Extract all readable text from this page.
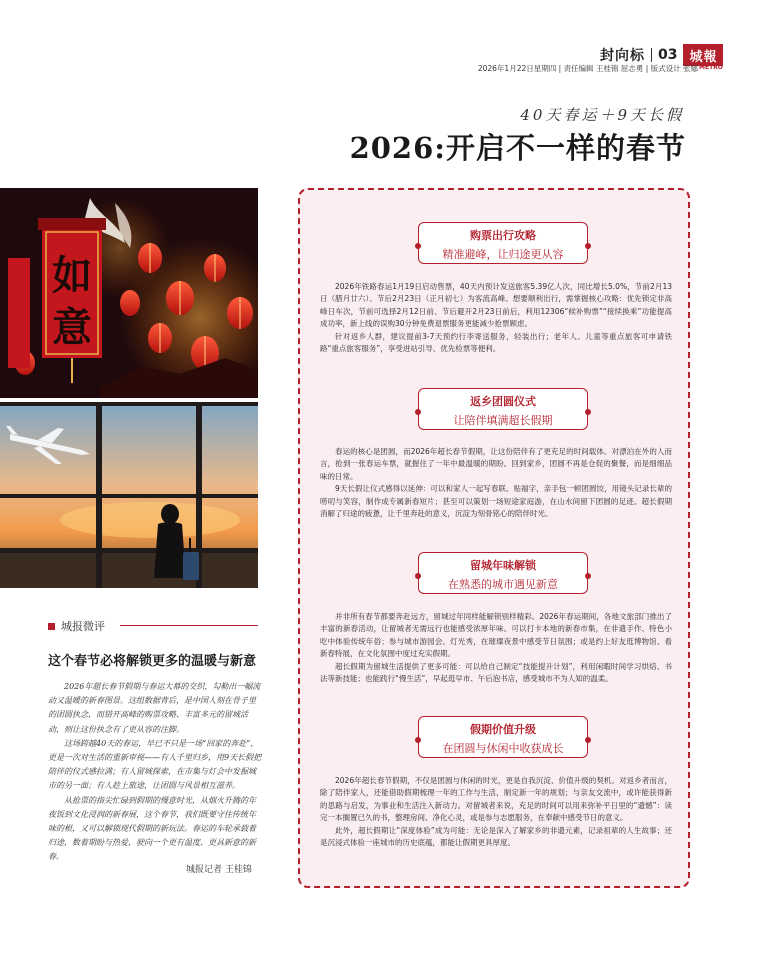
封向标 03 城報
METRO
2026年1月22日星期四 | 责任编辑 王桂锦 屈志勇 | 版式设计 张娜
40天春运＋9天长假
2026:开启不一样的春节
如意
城报微评
这个春节必将解锁更多的温暖与新意

2026年超长春节假期与春运大幕的交织，勾勒出一幅流动又温暖的新春图景。这组数据背后，是中国人刻在骨子里的团圆执念，而错开高峰的购票攻略、丰富多元的留城活动，则让这份执念有了更从容的注脚。

这场跨越40天的春运，早已不只是一场“回家的奔赴”，更是一次对生活的重新审视——有人千里归乡，用9天长假把陪伴的仪式感拉满；有人留城探索，在市集与灯会中发掘城市的另一面；有人趁上旅途，让团圆与风景相互滋养。

从抢票的指尖忙碌到假期的慢意时光，从烟火升腾的年夜饭到文化浸润的新春展，这个春节，我们既要守住传统年味的根，又可以解锁现代假期的新玩法。春运的车轮承载着归途，数着期盼与热爱，驶向一个更有温度、更具新意的新春。

城报记者 王桂锦
购票出行攻略
精准避峰，让归途更从容

2026年铁路春运1月19日启动售票，40天内预计发送旅客5.39亿人次，同比增长5.0%，节前2月13日（腊月廿六）、节后2月23日（正月初七）为客流高峰。想要顺利出行，需掌握核心攻略：优先锁定非高峰日车次，节前可选择2月12日前、节后避开2月23日前后，利用12306“候补购票”“接续换乘”功能提高成功率，新上线的误购30分钟免费退票服务更能减少抢票顾虑。

针对返乡人群，建议提前3-7天预约行李寄送服务，轻装出行；老年人、儿童等重点旅客可申请铁路“重点旅客服务”，享受进站引导、优先检票等便利。

返乡团圆仪式
让陪伴填满超长假期

春运的核心是团圆，而2026年超长春节假期，让这份陪伴有了更充足的时间载体。对漂泊在外的人而言，抢到一张春运车票，就握住了一年中最温暖的期盼。回到家乡，团圆不再是仓促的聚餐，而是细细品味的日常。

9天长假让仪式感得以延伸：可以和家人一起写春联、贴福字，亲手包一顿团圆饺，用镜头记录长辈的唠叨与笑容，制作成专属新春短片；甚至可以策划一场短途家庭游，在山水间留下团圆的足迹。超长假期消解了归途的疲惫，让千里奔赴的意义，沉淀为刻骨铭心的陪伴时光。

留城年味解锁
在熟悉的城市遇见新意

并非所有春节都要奔赴远方，留城过年同样能解锁别样精彩。2026年春运期间，各地文旅部门推出了丰富的新春活动，让留城者无需远行也能感受浓厚年味。可以打卡本地的新春市集，在非遗手作、特色小吃中体验传统年俗；参与城市游园会、灯光秀，在璀璨夜景中感受节日氛围；或是约上好友逛博物馆、看新春特展，在文化氛围中度过充实假期。

超长假期为留城生活提供了更多可能：可以给自己制定“技能提升计划”，利用闲暇时间学习烘焙、书法等新技能；也能践行“慢生活”，早起逛早市、午后泡书店，感受城市不为人知的温柔。

假期价值升级
在团圆与休闲中收获成长

2026年超长春节假期，不仅是团圆与休闲的时光，更是自我沉淀、价值升级的契机。对返乡者而言，除了陪伴家人，还能借助假期梳理一年的工作与生活，制定新一年的规划；与亲友交流中，或许能获得新的思路与启发，为事业和生活注入新动力。对留城者来说，充足的时间可以用来弥补平日里的“遗憾”：读完一本搁置已久的书，整理房间、净化心灵，或是参与志愿服务，在奉献中感受节日的意义。

此外，超长假期让“深度体验”成为可能：无论是深入了解家乡的非遗元素，记录祖辈的人生故事；还是沉浸式体验一座城市的历史底蕴，都能让假期更具厚度。
